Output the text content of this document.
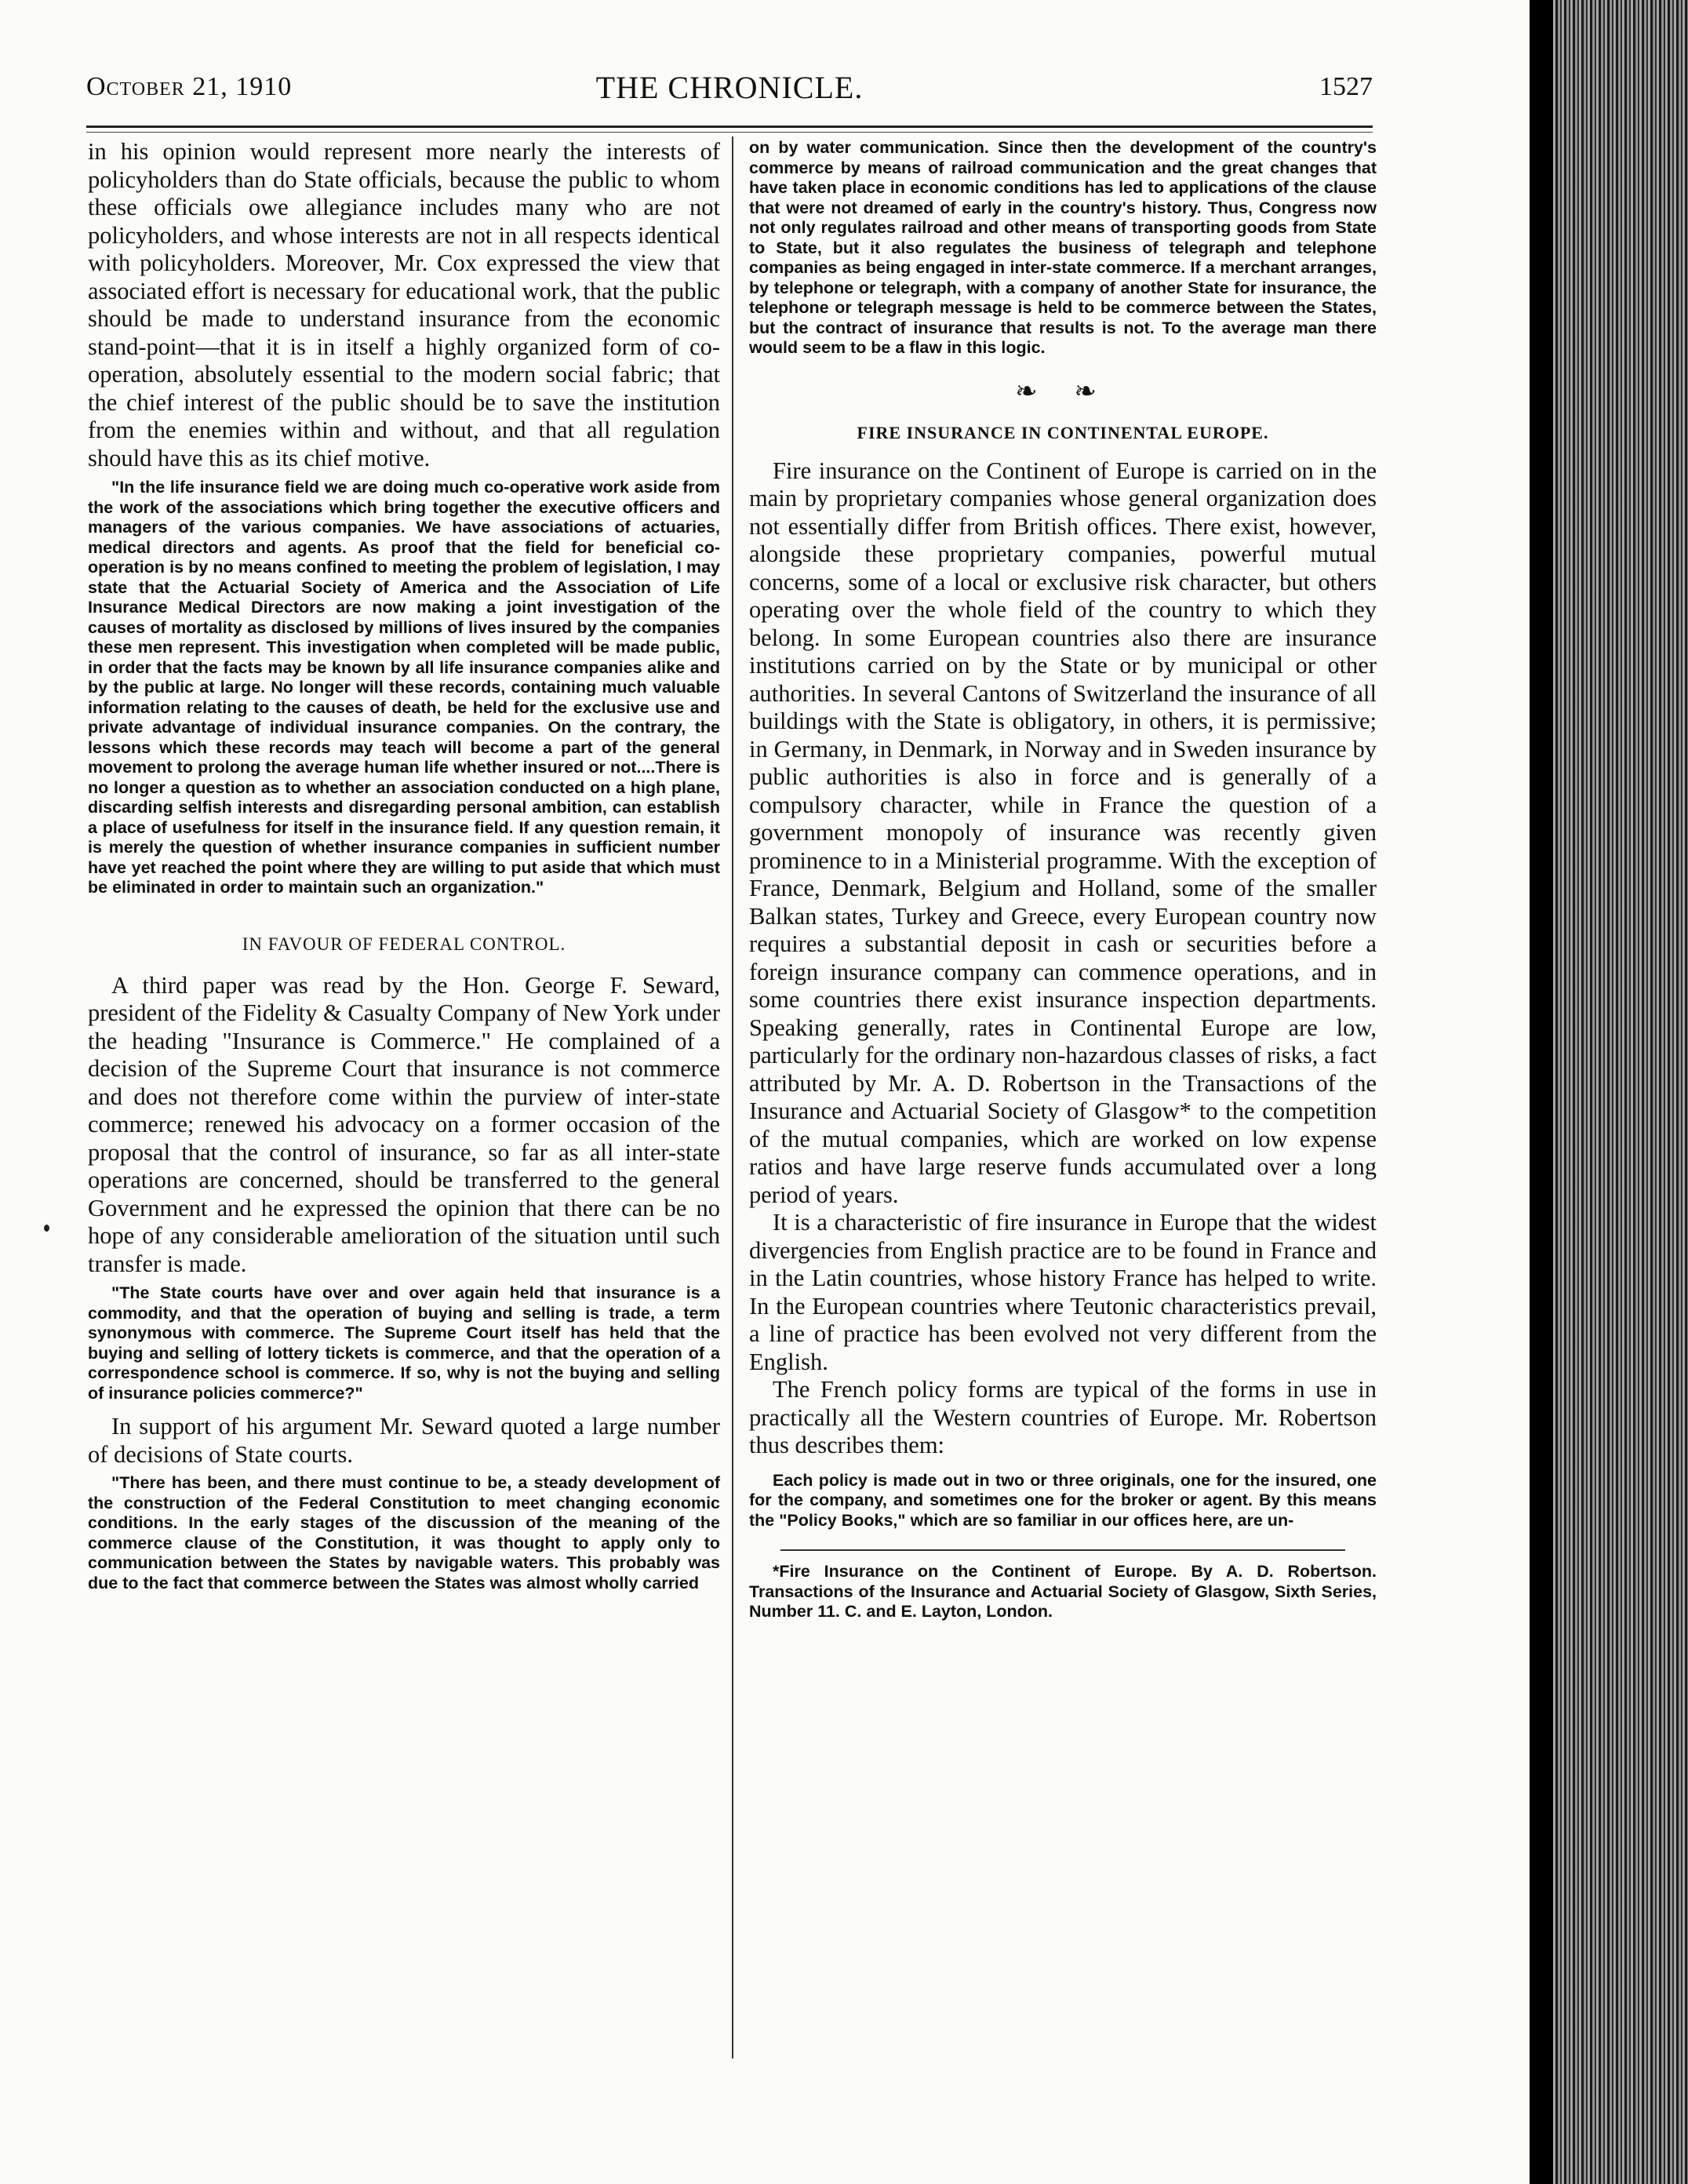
October 21, 1910	THE CHRONICLE.	1527

in his opinion would represent more nearly the interests of policyholders than do State officials, because the public to whom these officials owe allegiance includes many who are not policyholders, and whose interests are not in all respects identical with policyholders. Moreover, Mr. Cox expressed the view that associated effort is necessary for educational work, that the public should be made to understand insurance from the economic stand-point—that it is in itself a highly organized form of co-operation, absolutely essential to the modern social fabric; that the chief interest of the public should be to save the institution from the enemies within and without, and that all regulation should have this as its chief motive.

"In the life insurance field we are doing much co-operative work aside from the work of the associations which bring together the executive officers and managers of the various companies. We have associations of actuaries, medical directors and agents. As proof that the field for beneficial co-operation is by no means confined to meeting the problem of legislation, I may state that the Actuarial Society of America and the Association of Life Insurance Medical Directors are now making a joint investigation of the causes of mortality as disclosed by millions of lives insured by the companies these men represent. This investigation when completed will be made public, in order that the facts may be known by all life insurance companies alike and by the public at large. No longer will these records, containing much valuable information relating to the causes of death, be held for the exclusive use and private advantage of individual insurance companies. On the contrary, the lessons which these records may teach will become a part of the general movement to prolong the average human life whether insured or not....There is no longer a question as to whether an association conducted on a high plane, discarding selfish interests and disregarding personal ambition, can establish a place of usefulness for itself in the insurance field. If any question remain, it is merely the question of whether insurance companies in sufficient number have yet reached the point where they are willing to put aside that which must be eliminated in order to maintain such an organization."

IN FAVOUR OF FEDERAL CONTROL.

A third paper was read by the Hon. George F. Seward, president of the Fidelity & Casualty Company of New York under the heading "Insurance is Commerce." He complained of a decision of the Supreme Court that insurance is not commerce and does not therefore come within the purview of inter-state commerce; renewed his advocacy on a former occasion of the proposal that the control of insurance, so far as all inter-state operations are concerned, should be transferred to the general Government and he expressed the opinion that there can be no hope of any considerable amelioration of the situation until such transfer is made.

"The State courts have over and over again held that insurance is a commodity, and that the operation of buying and selling is trade, a term synonymous with commerce. The Supreme Court itself has held that the buying and selling of lottery tickets is commerce, and that the operation of a correspondence school is commerce. If so, why is not the buying and selling of insurance policies commerce?"

In support of his argument Mr. Seward quoted a large number of decisions of State courts.

"There has been, and there must continue to be, a steady development of the construction of the Federal Constitution to meet changing economic conditions. In the early stages of the discussion of the meaning of the commerce clause of the Constitution, it was thought to apply only to communication between the States by navigable waters. This probably was due to the fact that commerce between the States was almost wholly carried

on by water communication. Since then the development of the country's commerce by means of railroad communication and the great changes that have taken place in economic conditions has led to applications of the clause that were not dreamed of early in the country's history. Thus, Congress now not only regulates railroad and other means of transporting goods from State to State, but it also regulates the business of telegraph and telephone companies as being engaged in inter-state commerce. If a merchant arranges, by telephone or telegraph, with a company of another State for insurance, the telephone or telegraph message is held to be commerce between the States, but the contract of insurance that results is not. To the average man there would seem to be a flaw in this logic.

❧ ❧

FIRE INSURANCE IN CONTINENTAL EUROPE.

Fire insurance on the Continent of Europe is carried on in the main by proprietary companies whose general organization does not essentially differ from British offices. There exist, however, alongside these proprietary companies, powerful mutual concerns, some of a local or exclusive risk character, but others operating over the whole field of the country to which they belong. In some European countries also there are insurance institutions carried on by the State or by municipal or other authorities. In several Cantons of Switzerland the insurance of all buildings with the State is obligatory, in others, it is permissive; in Germany, in Denmark, in Norway and in Sweden insurance by public authorities is also in force and is generally of a compulsory character, while in France the question of a government monopoly of insurance was recently given prominence to in a Ministerial programme. With the exception of France, Denmark, Belgium and Holland, some of the smaller Balkan states, Turkey and Greece, every European country now requires a substantial deposit in cash or securities before a foreign insurance company can commence operations, and in some countries there exist insurance inspection departments. Speaking generally, rates in Continental Europe are low, particularly for the ordinary non-hazardous classes of risks, a fact attributed by Mr. A. D. Robertson in the Transactions of the Insurance and Actuarial Society of Glasgow* to the competition of the mutual companies, which are worked on low expense ratios and have large reserve funds accumulated over a long period of years.

It is a characteristic of fire insurance in Europe that the widest divergencies from English practice are to be found in France and in the Latin countries, whose history France has helped to write. In the European countries where Teutonic characteristics prevail, a line of practice has been evolved not very different from the English.

The French policy forms are typical of the forms in use in practically all the Western countries of Europe. Mr. Robertson thus describes them:

Each policy is made out in two or three originals, one for the insured, one for the company, and sometimes one for the broker or agent. By this means the "Policy Books," which are so familiar in our offices here, are un-

*Fire Insurance on the Continent of Europe. By A. D. Robertson. Transactions of the Insurance and Actuarial Society of Glasgow, Sixth Series, Number 11. C. and E. Layton, London.
